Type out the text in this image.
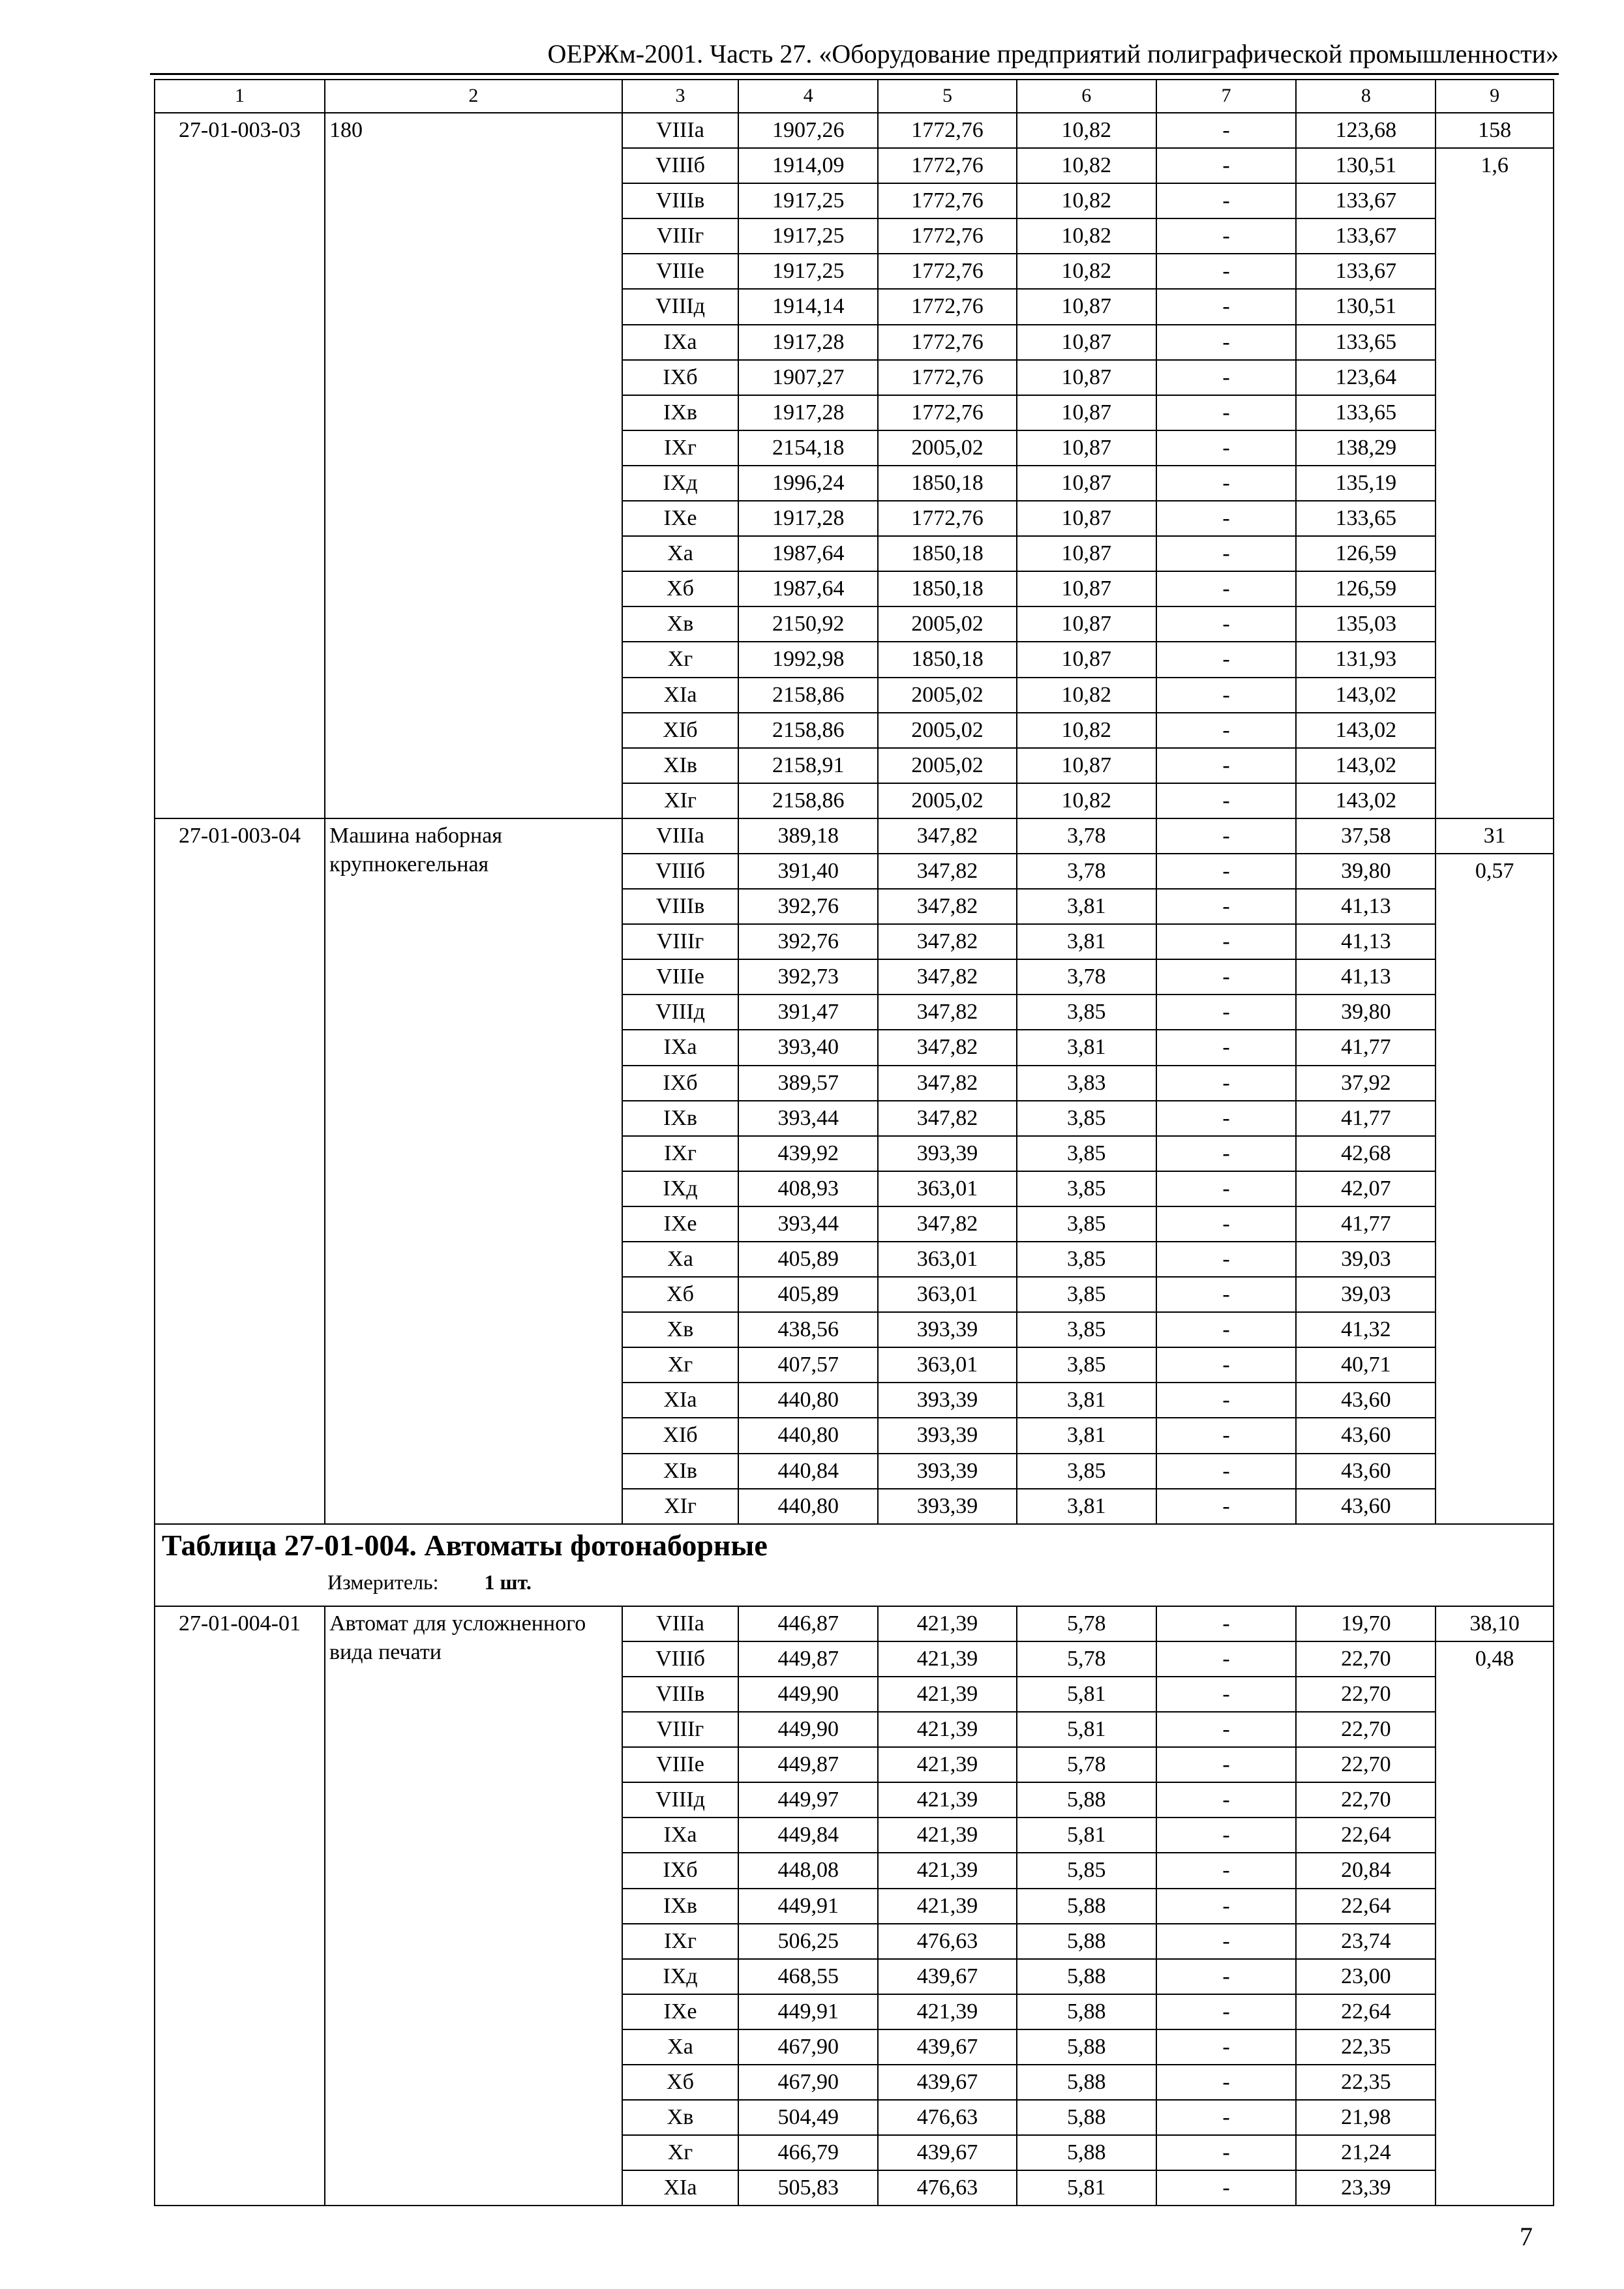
ОЕРЖм-2001. Часть 27. «Оборудование предприятий полиграфической промышленности»
1	2	3	4	5	6	7	8	9
27-01-003-03	180	VIIIа	1907,26	1772,76	10,82	-	123,68	158
		VIIIб	1914,09	1772,76	10,82	-	130,51	1,6
		VIIIв	1917,25	1772,76	10,82	-	133,67	
		VIIIг	1917,25	1772,76	10,82	-	133,67	
		VIIIе	1917,25	1772,76	10,82	-	133,67	
		VIIIд	1914,14	1772,76	10,87	-	130,51	
		IXа	1917,28	1772,76	10,87	-	133,65	
		IXб	1907,27	1772,76	10,87	-	123,64	
		IXв	1917,28	1772,76	10,87	-	133,65	
		IXг	2154,18	2005,02	10,87	-	138,29	
		IXд	1996,24	1850,18	10,87	-	135,19	
		IXе	1917,28	1772,76	10,87	-	133,65	
		Xа	1987,64	1850,18	10,87	-	126,59	
		Xб	1987,64	1850,18	10,87	-	126,59	
		Xв	2150,92	2005,02	10,87	-	135,03	
		Xг	1992,98	1850,18	10,87	-	131,93	
		XIа	2158,86	2005,02	10,82	-	143,02	
		XIб	2158,86	2005,02	10,82	-	143,02	
		XIв	2158,91	2005,02	10,87	-	143,02	
		XIг	2158,86	2005,02	10,82	-	143,02	
27-01-003-04	Машина наборная крупнокегельная	VIIIа	389,18	347,82	3,78	-	37,58	31
		VIIIб	391,40	347,82	3,78	-	39,80	0,57
		VIIIв	392,76	347,82	3,81	-	41,13	
		VIIIг	392,76	347,82	3,81	-	41,13	
		VIIIе	392,73	347,82	3,78	-	41,13	
		VIIIд	391,47	347,82	3,85	-	39,80	
		IXа	393,40	347,82	3,81	-	41,77	
		IXб	389,57	347,82	3,83	-	37,92	
		IXв	393,44	347,82	3,85	-	41,77	
		IXг	439,92	393,39	3,85	-	42,68	
		IXд	408,93	363,01	3,85	-	42,07	
		IXе	393,44	347,82	3,85	-	41,77	
		Xа	405,89	363,01	3,85	-	39,03	
		Xб	405,89	363,01	3,85	-	39,03	
		Xв	438,56	393,39	3,85	-	41,32	
		Xг	407,57	363,01	3,85	-	40,71	
		XIа	440,80	393,39	3,81	-	43,60	
		XIб	440,80	393,39	3,81	-	43,60	
		XIв	440,84	393,39	3,85	-	43,60	
		XIг	440,80	393,39	3,81	-	43,60	

Таблица 27-01-004. Автоматы фотонаборные
Измеритель: 1 шт.								

27-01-004-01	Автомат для усложненного вида печати	VIIIа	446,87	421,39	5,78	-	19,70	38,10
		VIIIб	449,87	421,39	5,78	-	22,70	0,48
		VIIIв	449,90	421,39	5,81	-	22,70	
		VIIIг	449,90	421,39	5,81	-	22,70	
		VIIIе	449,87	421,39	5,78	-	22,70	
		VIIIд	449,97	421,39	5,88	-	22,70	
		IXа	449,84	421,39	5,81	-	22,64	
		IXб	448,08	421,39	5,85	-	20,84	
		IXв	449,91	421,39	5,88	-	22,64	
		IXг	506,25	476,63	5,88	-	23,74	
		IXд	468,55	439,67	5,88	-	23,00	
		IXе	449,91	421,39	5,88	-	22,64	
		Xа	467,90	439,67	5,88	-	22,35	
		Xб	467,90	439,67	5,88	-	22,35	
		Xв	504,49	476,63	5,88	-	21,98	
		Xг	466,79	439,67	5,88	-	21,24	
		XIа	505,83	476,63	5,81	-	23,39	
7
